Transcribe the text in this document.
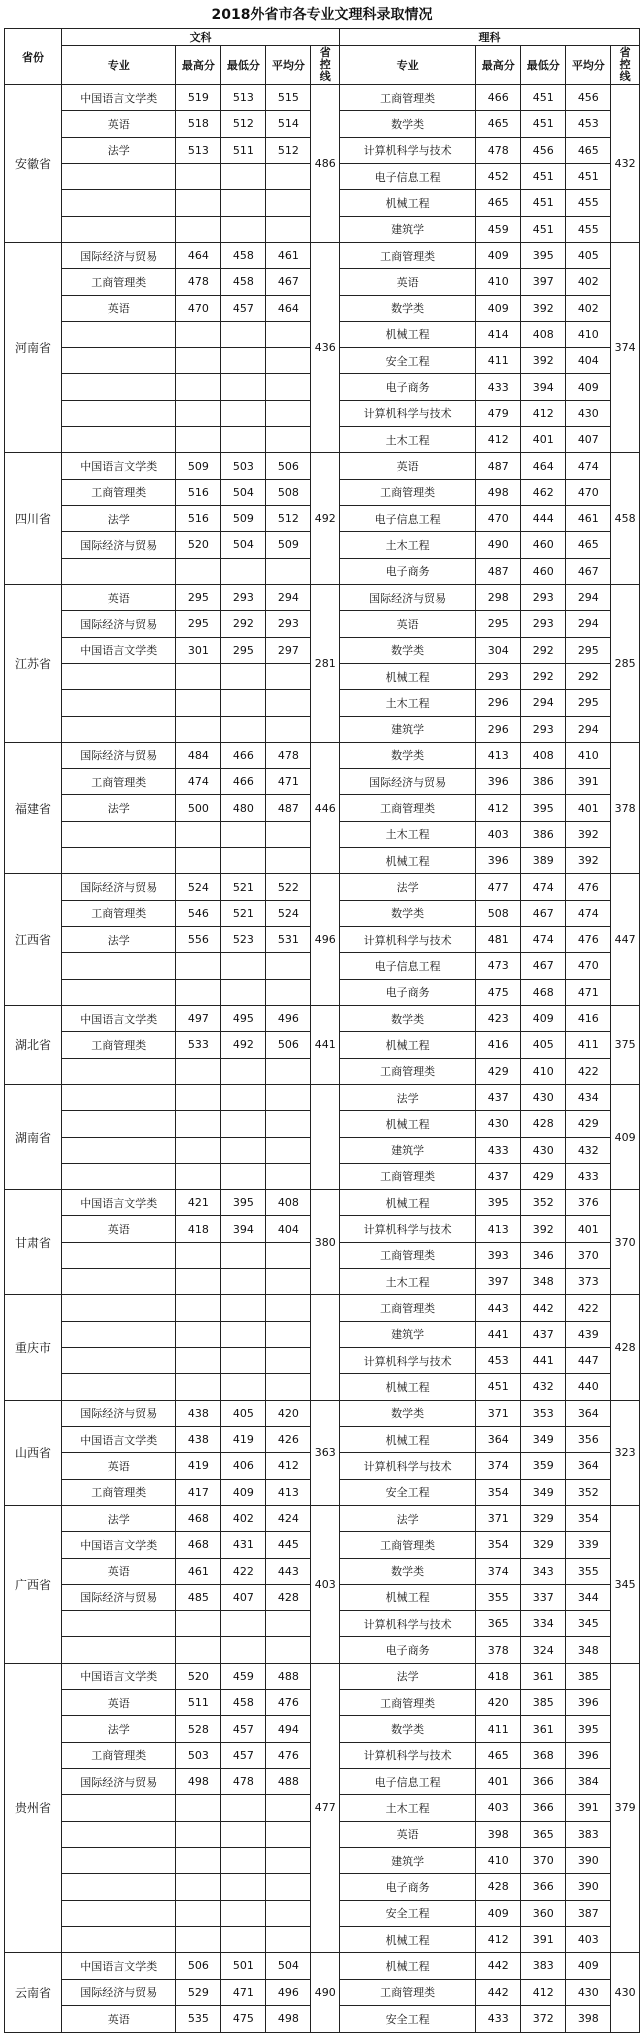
2018外省市各专业文理科录取情况
省份	文科					理科				
	专业	最高分	最低分	平均分	省控线	专业	最高分	最低分	平均分	省控线
安徽省	中国语言文学类	519	513	515	486	工商管理类	466	451	456	432
	英语	518	512	514		数学类	465	451	453	
	法学	513	511	512		计算机科学与技术	478	456	465	
						电子信息工程	452	451	451	
						机械工程	465	451	455	
						建筑学	459	451	455	
河南省	国际经济与贸易	464	458	461	436	工商管理类	409	395	405	374
	工商管理类	478	458	467		英语	410	397	402	
	英语	470	457	464		数学类	409	392	402	
						机械工程	414	408	410	
						安全工程	411	392	404	
						电子商务	433	394	409	
						计算机科学与技术	479	412	430	
						土木工程	412	401	407	
四川省	中国语言文学类	509	503	506	492	英语	487	464	474	458
	工商管理类	516	504	508		工商管理类	498	462	470	
	法学	516	509	512		电子信息工程	470	444	461	
	国际经济与贸易	520	504	509		土木工程	490	460	465	
						电子商务	487	460	467	
江苏省	英语	295	293	294	281	国际经济与贸易	298	293	294	285
	国际经济与贸易	295	292	293		英语	295	293	294	
	中国语言文学类	301	295	297		数学类	304	292	295	
						机械工程	293	292	292	
						土木工程	296	294	295	
						建筑学	296	293	294	
福建省	国际经济与贸易	484	466	478	446	数学类	413	408	410	378
	工商管理类	474	466	471		国际经济与贸易	396	386	391	
	法学	500	480	487		工商管理类	412	395	401	
						土木工程	403	386	392	
						机械工程	396	389	392	
江西省	国际经济与贸易	524	521	522	496	法学	477	474	476	447
	工商管理类	546	521	524		数学类	508	467	474	
	法学	556	523	531		计算机科学与技术	481	474	476	
						电子信息工程	473	467	470	
						电子商务	475	468	471	
湖北省	中国语言文学类	497	495	496	441	数学类	423	409	416	375
	工商管理类	533	492	506		机械工程	416	405	411	
						工商管理类	429	410	422	
湖南省						法学	437	430	434	409
						机械工程	430	428	429	
						建筑学	433	430	432	
						工商管理类	437	429	433	
甘肃省	中国语言文学类	421	395	408	380	机械工程	395	352	376	370
	英语	418	394	404		计算机科学与技术	413	392	401	
						工商管理类	393	346	370	
						土木工程	397	348	373	
重庆市						工商管理类	443	442	422	428
						建筑学	441	437	439	
						计算机科学与技术	453	441	447	
						机械工程	451	432	440	
山西省	国际经济与贸易	438	405	420	363	数学类	371	353	364	323
	中国语言文学类	438	419	426		机械工程	364	349	356	
	英语	419	406	412		计算机科学与技术	374	359	364	
	工商管理类	417	409	413		安全工程	354	349	352	
广西省	法学	468	402	424	403	法学	371	329	354	345
	中国语言文学类	468	431	445		工商管理类	354	329	339	
	英语	461	422	443		数学类	374	343	355	
	国际经济与贸易	485	407	428		机械工程	355	337	344	
						计算机科学与技术	365	334	345	
						电子商务	378	324	348	
贵州省	中国语言文学类	520	459	488	477	法学	418	361	385	379
	英语	511	458	476		工商管理类	420	385	396	
	法学	528	457	494		数学类	411	361	395	
	工商管理类	503	457	476		计算机科学与技术	465	368	396	
	国际经济与贸易	498	478	488		电子信息工程	401	366	384	
						土木工程	403	366	391	
						英语	398	365	383	
						建筑学	410	370	390	
						电子商务	428	366	390	
						安全工程	409	360	387	
						机械工程	412	391	403	
云南省	中国语言文学类	506	501	504	490	机械工程	442	383	409	430
	国际经济与贸易	529	471	496		工商管理类	442	412	430	
	英语	535	475	498		安全工程	433	372	398	
